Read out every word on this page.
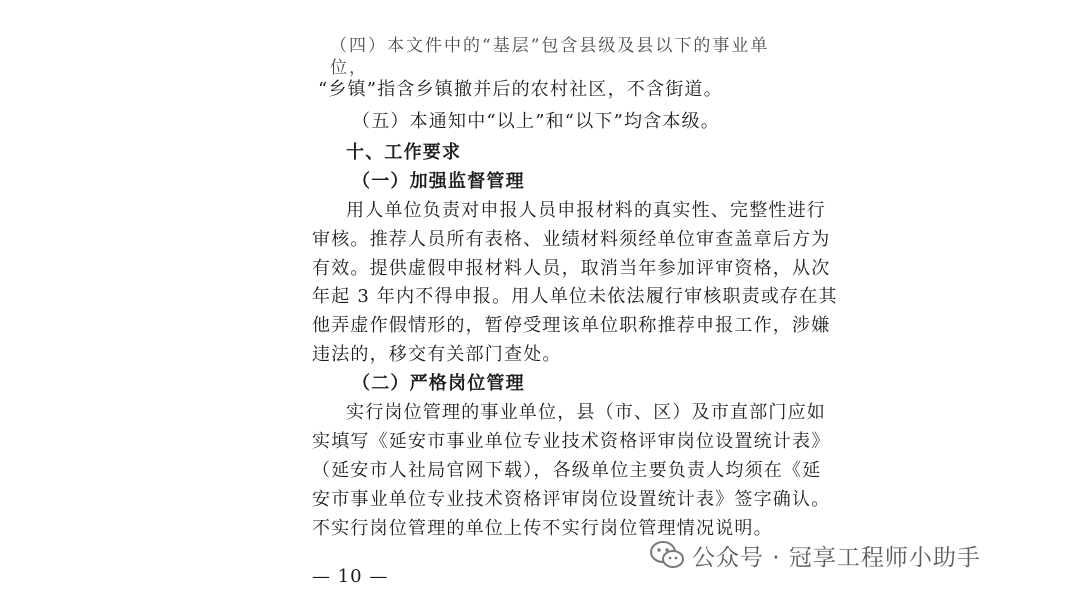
（四）本文件中的“基层”包含县级及县以下的事业单位，
“乡镇”指含乡镇撤并后的农村社区，不含街道。
（五）本通知中“以上”和“以下”均含本级。
十、工作要求
（一）加强监督管理
用人单位负责对申报人员申报材料的真实性、完整性进行
审核。推荐人员所有表格、业绩材料须经单位审查盖章后方为
有效。提供虚假申报材料人员，取消当年参加评审资格，从次
年起 3 年内不得申报。用人单位未依法履行审核职责或存在其
他弄虚作假情形的，暂停受理该单位职称推荐申报工作，涉嫌
违法的，移交有关部门查处。
（二）严格岗位管理
实行岗位管理的事业单位，县（市、区）及市直部门应如
实填写《延安市事业单位专业技术资格评审岗位设置统计表》
（延安市人社局官网下载），各级单位主要负责人均须在《延
安市事业单位专业技术资格评审岗位设置统计表》签字确认。
不实行岗位管理的单位上传不实行岗位管理情况说明。
— 10 —
公众号 · 冠享工程师小助手
